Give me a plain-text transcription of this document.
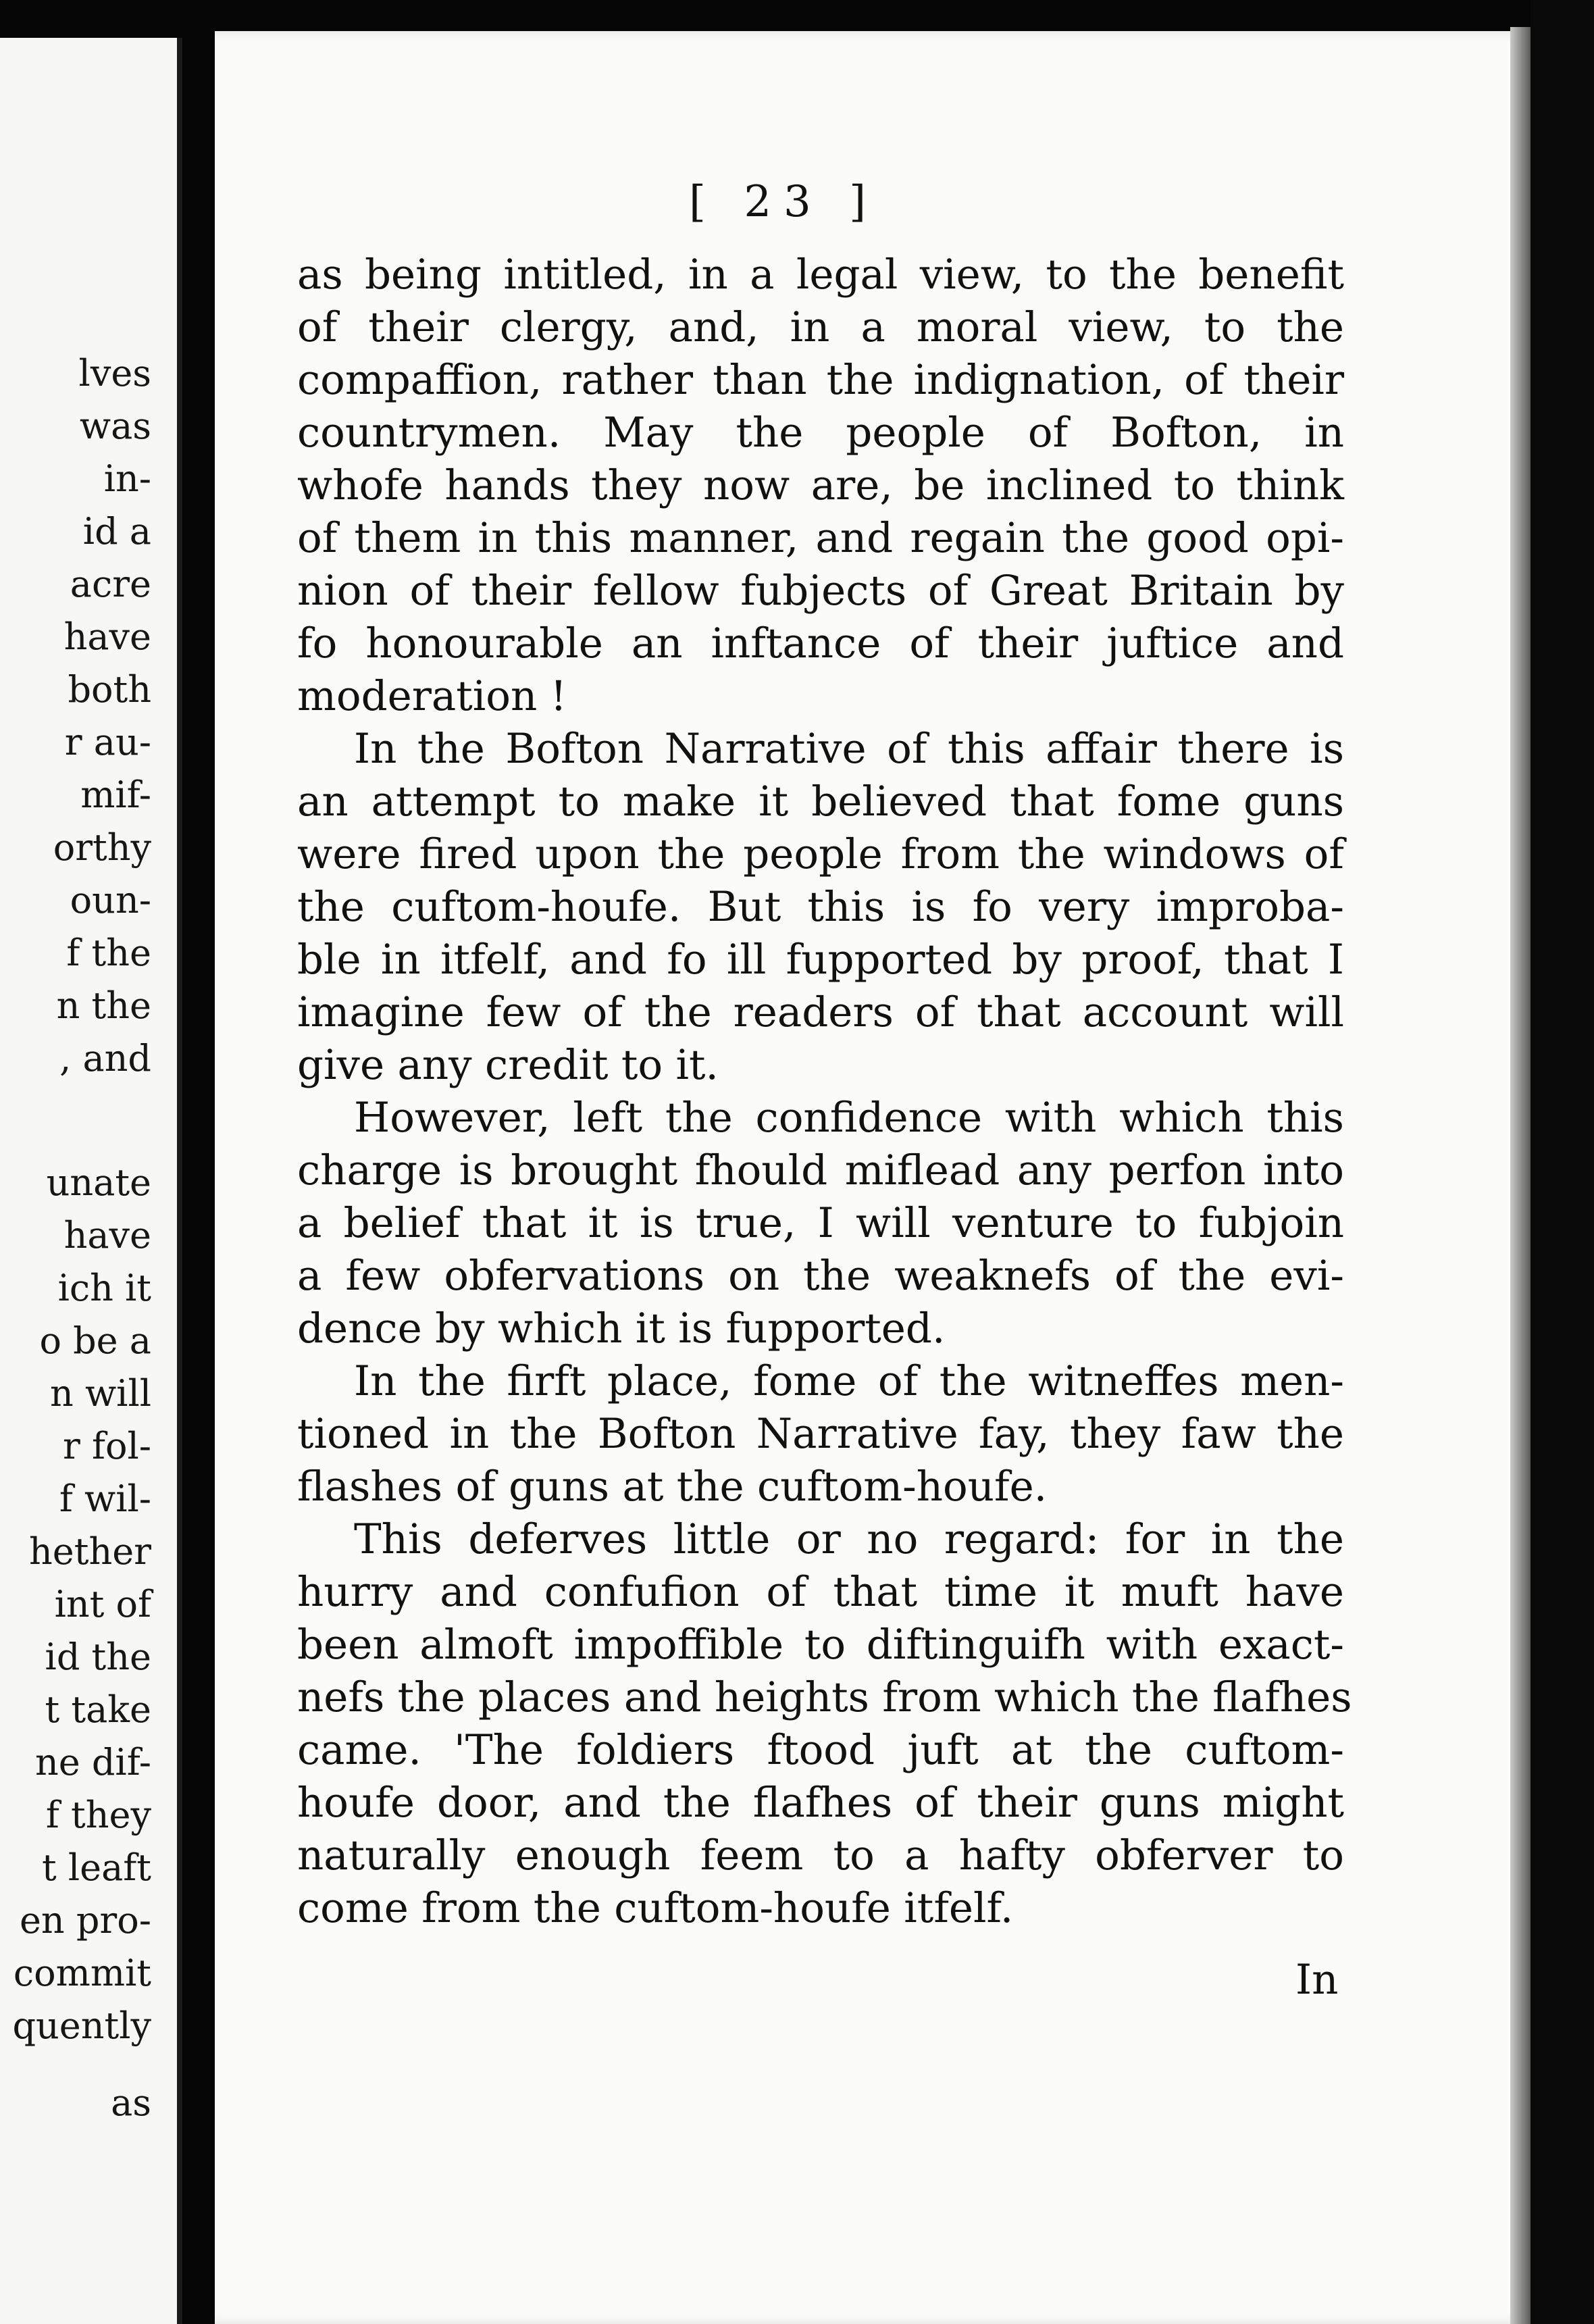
lves
was
in-
id a
acre
have
both
r au-
mif-
orthy
oun-
f the
n the
, and
unate
have
ich it
o be a
n will
r fol-
f wil-
hether
int of
id the
t take
ne dif-
f they
t leaft
en pro-
commit
quently
as
[ 23 ]
as being intitled, in a legal view, to the benefit
of their clergy, and, in a moral view, to the
compaffion, rather than the indignation, of their
countrymen. May the people of Bofton, in
whofe hands they now are, be inclined to think
of them in this manner, and regain the good opi-
nion of their fellow fubjects of Great Britain by
fo honourable an inftance of their juftice and
moderation !
In the Bofton Narrative of this affair there is
an attempt to make it believed that fome guns
were fired upon the people from the windows of
the cuftom-houfe. But this is fo very improba-
ble in itfelf, and fo ill fupported by proof, that I
imagine few of the readers of that account will
give any credit to it.
However, left the confidence with which this
charge is brought fhould miflead any perfon into
a belief that it is true, I will venture to fubjoin
a few obfervations on the weaknefs of the evi-
dence by which it is fupported.
In the firft place, fome of the witneffes men-
tioned in the Bofton Narrative fay, they faw the
flashes of guns at the cuftom-houfe.
This deferves little or no regard: for in the
hurry and confufion of that time it muft have
been almoft impoffible to diftinguifh with exact-
nefs the places and heights from which the flafhes
came. 'The foldiers ftood juft at the cuftom-
houfe door, and the flafhes of their guns might
naturally enough feem to a hafty obferver to
come from the cuftom-houfe itfelf.
In
